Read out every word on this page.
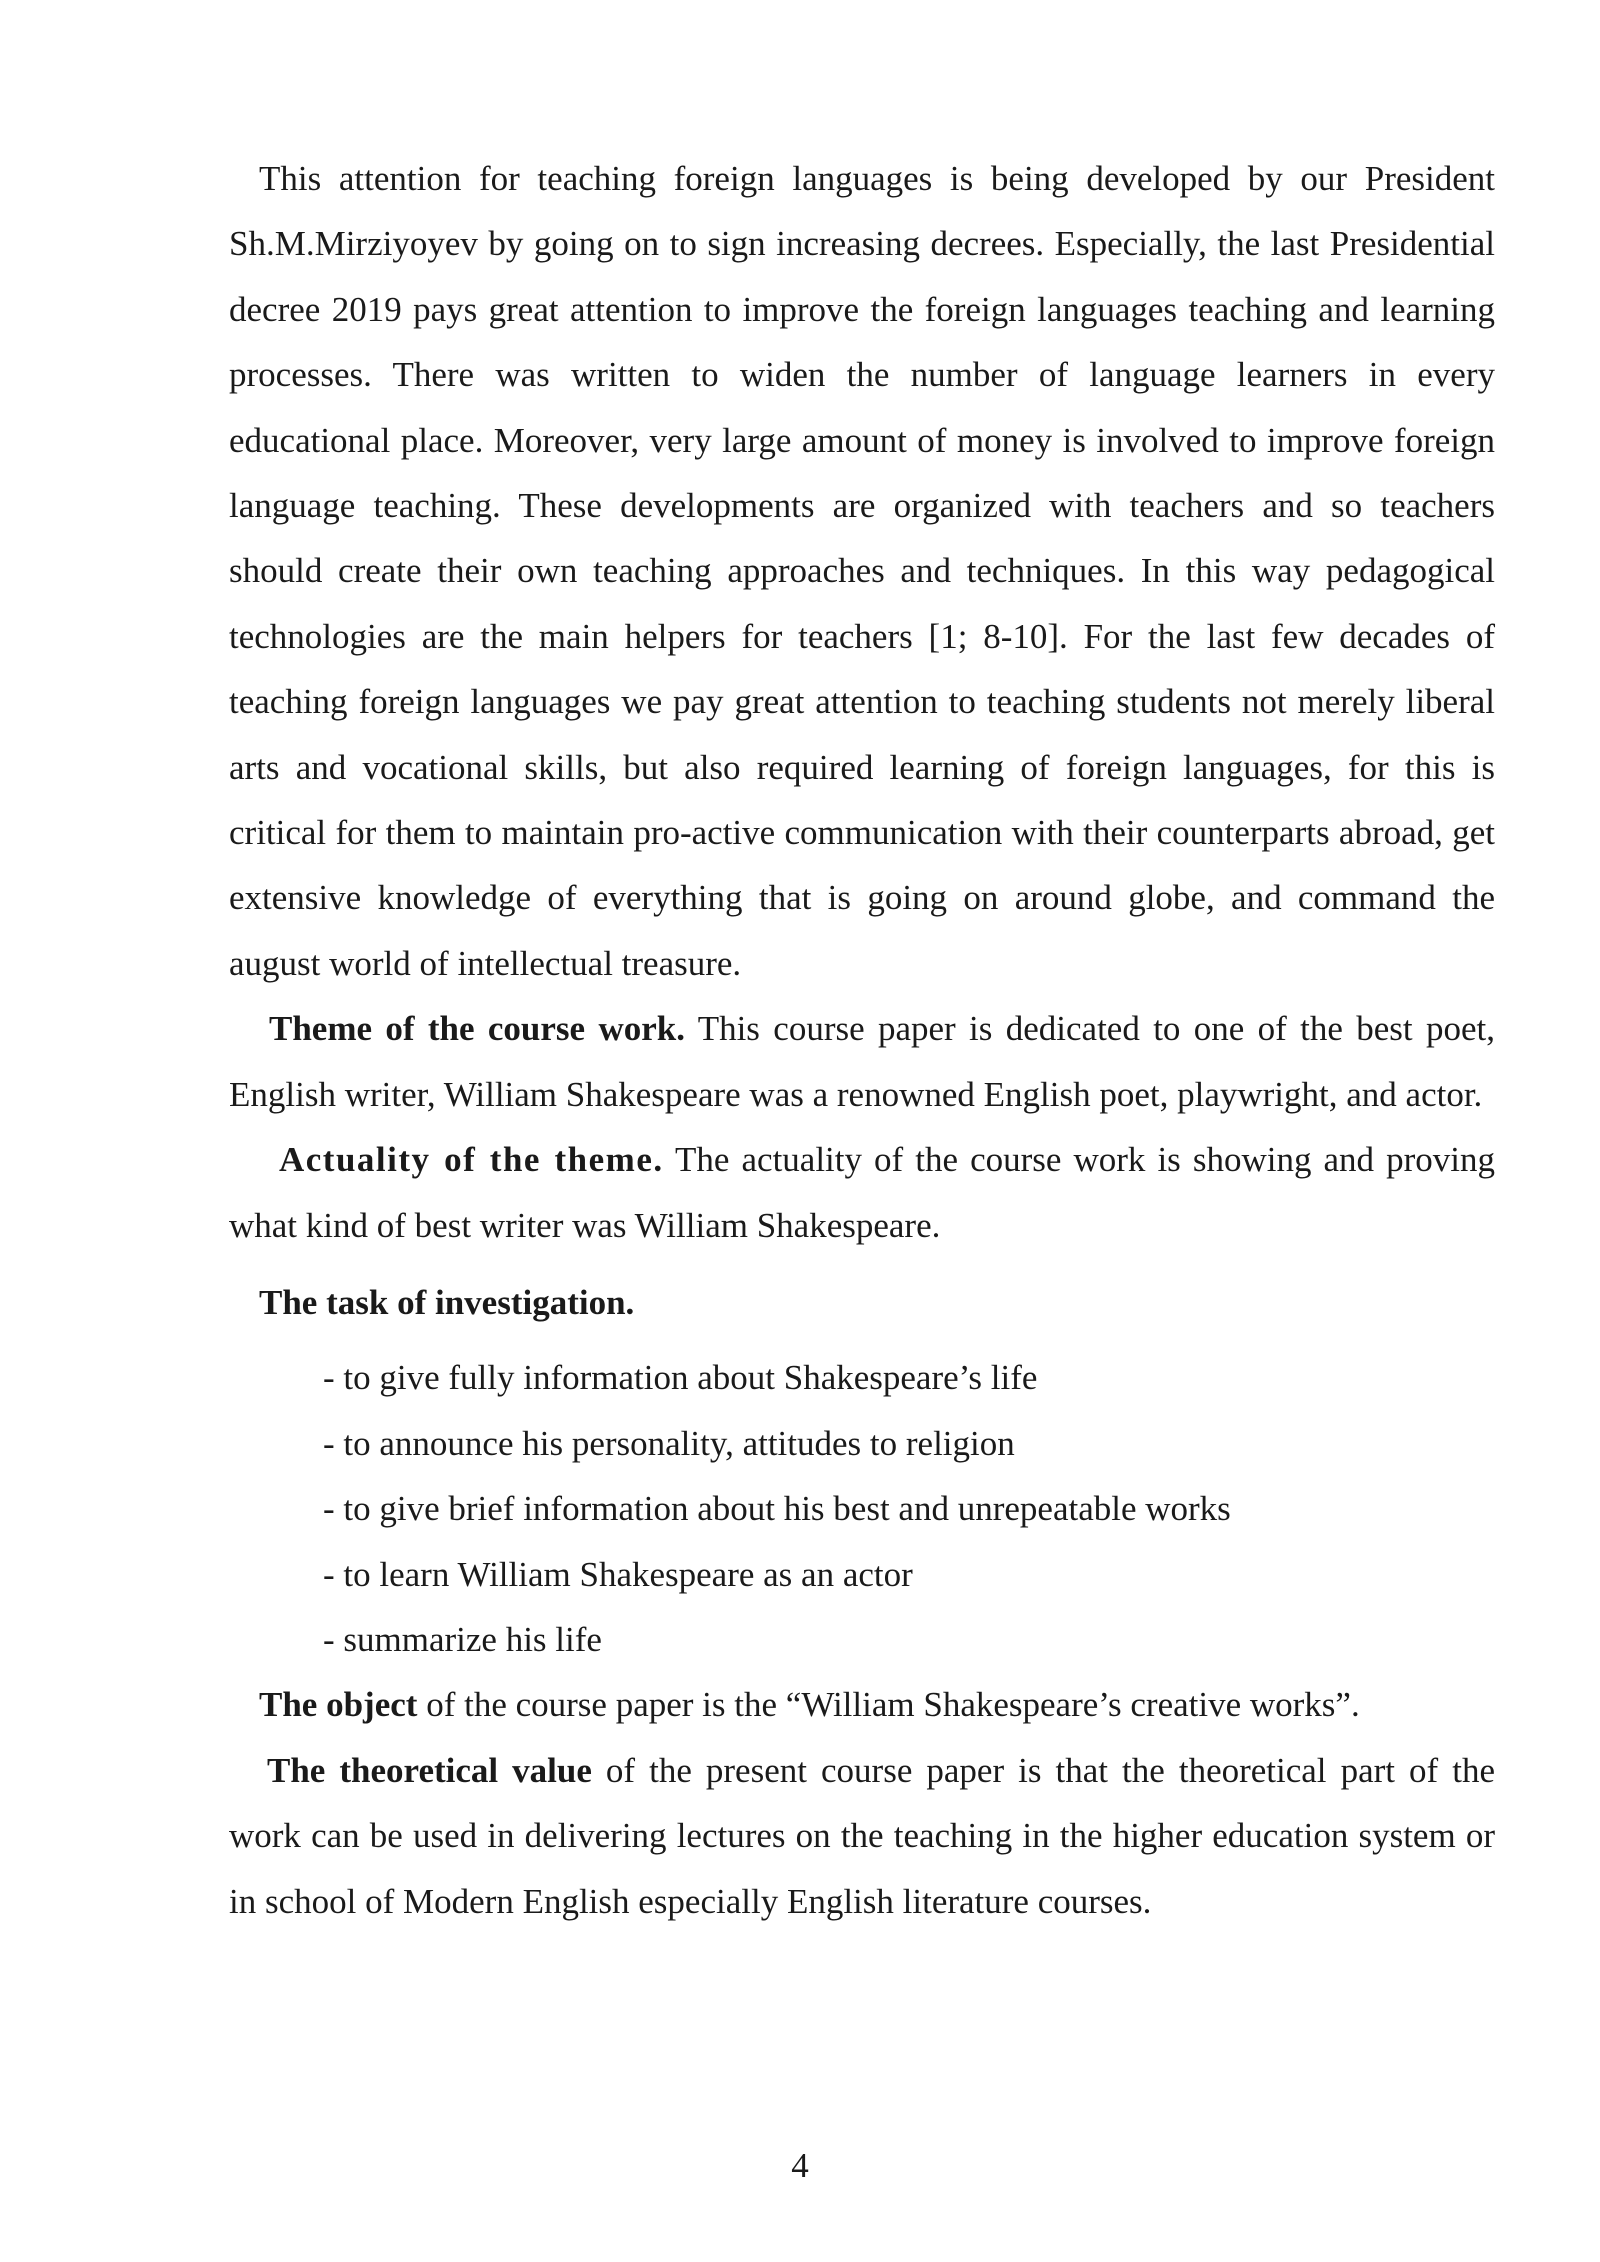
This attention for teaching foreign languages is being developed by our President Sh.M.Mirziyoyev by going on to sign increasing decrees. Especially, the last Presidential decree 2019 pays great attention to improve the foreign languages teaching and learning processes. There was written to widen the number of language learners in every educational place. Moreover, very large amount of money is involved to improve foreign language teaching. These developments are organized with teachers and so teachers should create their own teaching approaches and techniques. In this way pedagogical technologies are the main helpers for teachers [1; 8-10]. For the last few decades of teaching foreign languages we pay great attention to teaching students not merely liberal arts and vocational skills, but also required learning of foreign languages, for this is critical for them to maintain pro-active communication with their counterparts abroad, get extensive knowledge of everything that is going on around globe, and command the august world of intellectual treasure.

Theme of the course work. This course paper is dedicated to one of the best poet, English writer, William Shakespeare was a renowned English poet, playwright, and actor.

Actuality of the theme. The actuality of the course work is showing and proving what kind of best writer was William Shakespeare.

The task of investigation.

- to give fully information about Shakespeare’s life
- to announce his personality, attitudes to religion
- to give brief information about his best and unrepeatable works
- to learn William Shakespeare as an actor
- summarize his life

The object of the course paper is the “William Shakespeare’s creative works”.

The theoretical value of the present course paper is that the theoretical part of the work can be used in delivering lectures on the teaching in the higher education system or in school of Modern English especially English literature courses.

4
